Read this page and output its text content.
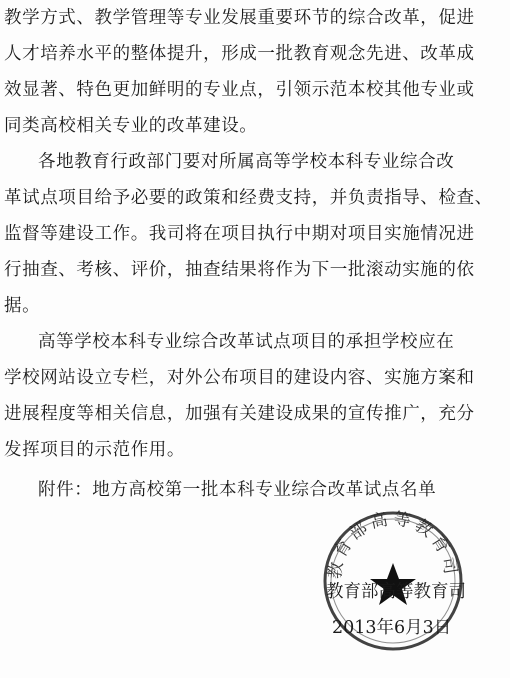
教学方式、教学管理等专业发展重要环节的综合改革，促进
人才培养水平的整体提升，形成一批教育观念先进、改革成
效显著、特色更加鲜明的专业点，引领示范本校其他专业或
同类高校相关专业的改革建设。
各地教育行政部门要对所属高等学校本科专业综合改
革试点项目给予必要的政策和经费支持，并负责指导、检查、
监督等建设工作。我司将在项目执行中期对项目实施情况进
行抽查、考核、评价，抽查结果将作为下一批滚动实施的依
据。
高等学校本科专业综合改革试点项目的承担学校应在
学校网站设立专栏，对外公布项目的建设内容、实施方案和
进展程度等相关信息，加强有关建设成果的宣传推广，充分
发挥项目的示范作用。
附件：地方高校第一批本科专业综合改革试点名单
教育部高等教育司
教育部高等教育司
2013年6月3日
